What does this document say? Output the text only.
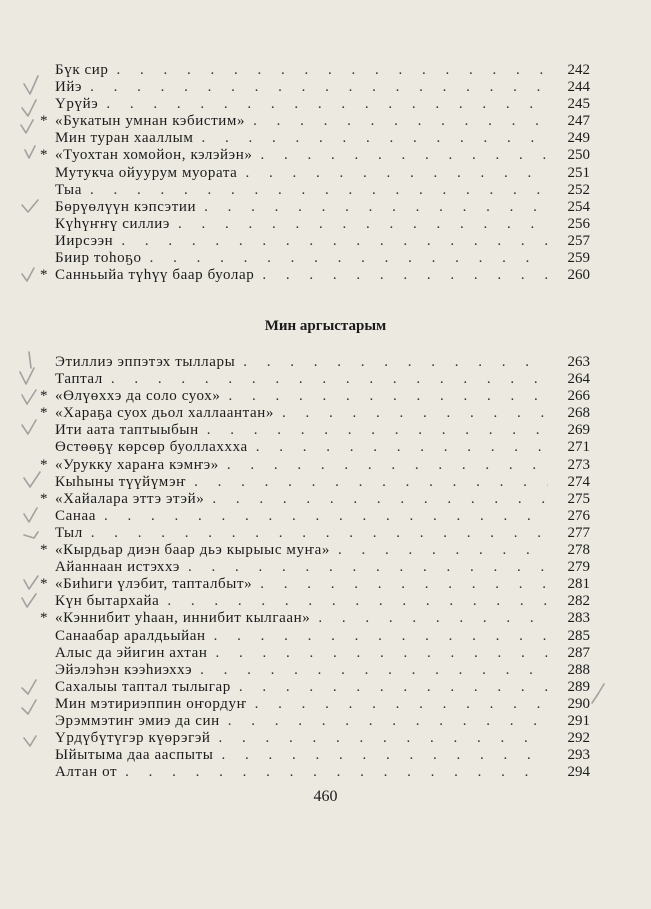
Бүк сир . . .	242
Ийэ . . .	244
Үрүйэ . . .	245
* «Букатын умнан кэбистим» . . .	247
Мин туран хааллым . . .	249
* «Туохтан хомойон, кэлэйэн» . . .	250
Мутукча ойуурум муората . . .	251
Тыа . . .	252
Бөрүөлүүн кэпсэтии . . .	254
Күһүҥҥү силлиэ . . .	256
Иирсээн . . .	257
Биир тоһоҕо . . .	259
* Санньыйа түһүү баар буолар . . .	260
Мин аргыстарым
Этиллиэ эппэтэх тыллары . . .	263
Таптал . . .	264
* «Өлүөххэ да соло суох» . . .	266
* «Хараҕа суох дьол халлаантан» . . .	268
Ити аата таптыыбын . . .	269
Өстөөҕү көрсөр буоллаххха . . .	271
* «Урукку хараҥа кэмҥэ» . . .	273
Кыһыны түүйүмэҥ . . .	274
* «Хайалара эттэ этэй» . . .	275
Санаа . . .	276
Тыл . . .	277
* «Кырдьар диэн баар дьэ кырыыс муҥа» . . .	278
Айаннаан истэххэ . . .	279
* «Биһиги үлэбит, тапталбыт» . . .	281
Күн бытархайа . . .	282
* «Кэннибит уһаан, иннибит кылгаан» . . .	283
Санаабар аралдьыйан . . .	285
Алыс да эйигин ахтан . . .	287
Эйэлэһэн кээһиэххэ . . .	288
Сахалыы таптал тылыгар . . .	289
Мин мэтириэппин оҥордуҥ . . .	290
Эрэммэтиҥ эмиэ да син . . .	291
Үрдүбүтүгэр күөрэгэй . . .	292
Ыйытыма даа ааспыты . . .	293
Алтан от . . .	294
460
